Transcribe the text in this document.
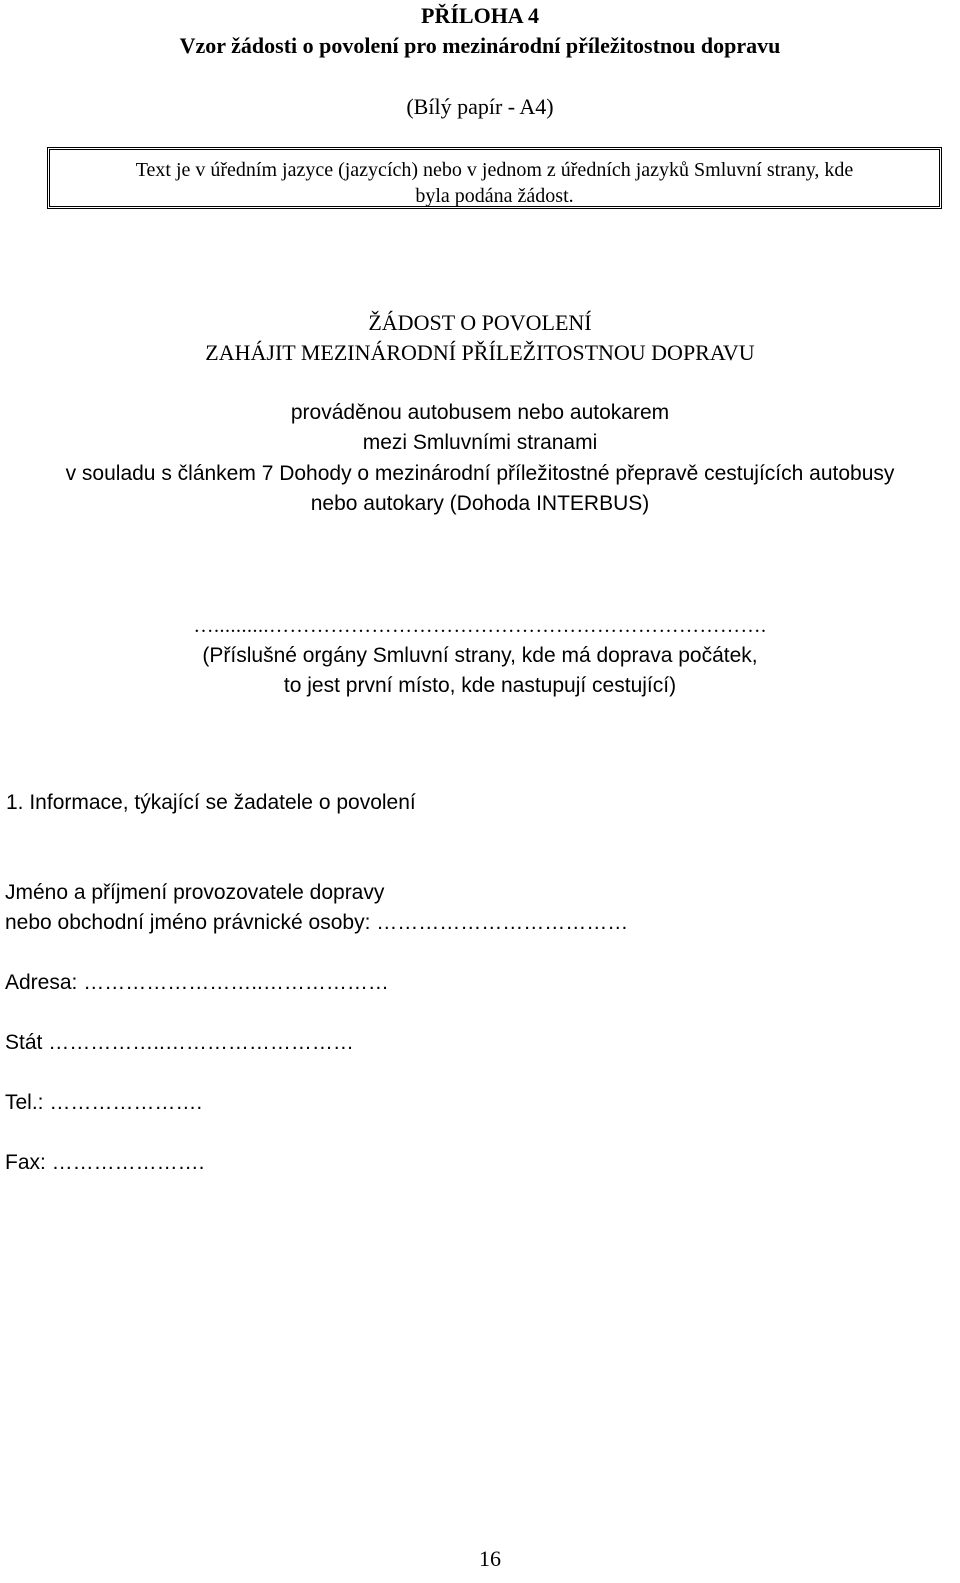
PŘÍLOHA 4
Vzor žádosti o povolení pro mezinárodní příležitostnou dopravu
(Bílý papír - A4)
Text je v úředním jazyce (jazycích) nebo v jednom z úředních jazyků Smluvní strany, kde
byla podána žádost.
ŽÁDOST O POVOLENÍ
ZAHÁJIT MEZINÁRODNÍ PŘÍLEŽITOSTNOU DOPRAVU
prováděnou autobusem nebo autokarem
mezi Smluvními stranami
v souladu s článkem 7 Dohody o mezinárodní příležitostné přepravě cestujících autobusy
nebo autokary (Dohoda INTERBUS)
…..........……………………………………………………………….
(Příslušné orgány Smluvní strany, kde má doprava počátek,
to jest první místo, kde nastupují cestující)
1. Informace, týkající se žadatele o povolení
Jméno a příjmení provozovatele dopravy
nebo obchodní jméno právnické osoby: ………………………………
Adresa: ……………………..………………
Stát ……………..………………………
Tel.: ………………….
Fax: ………………….
16
